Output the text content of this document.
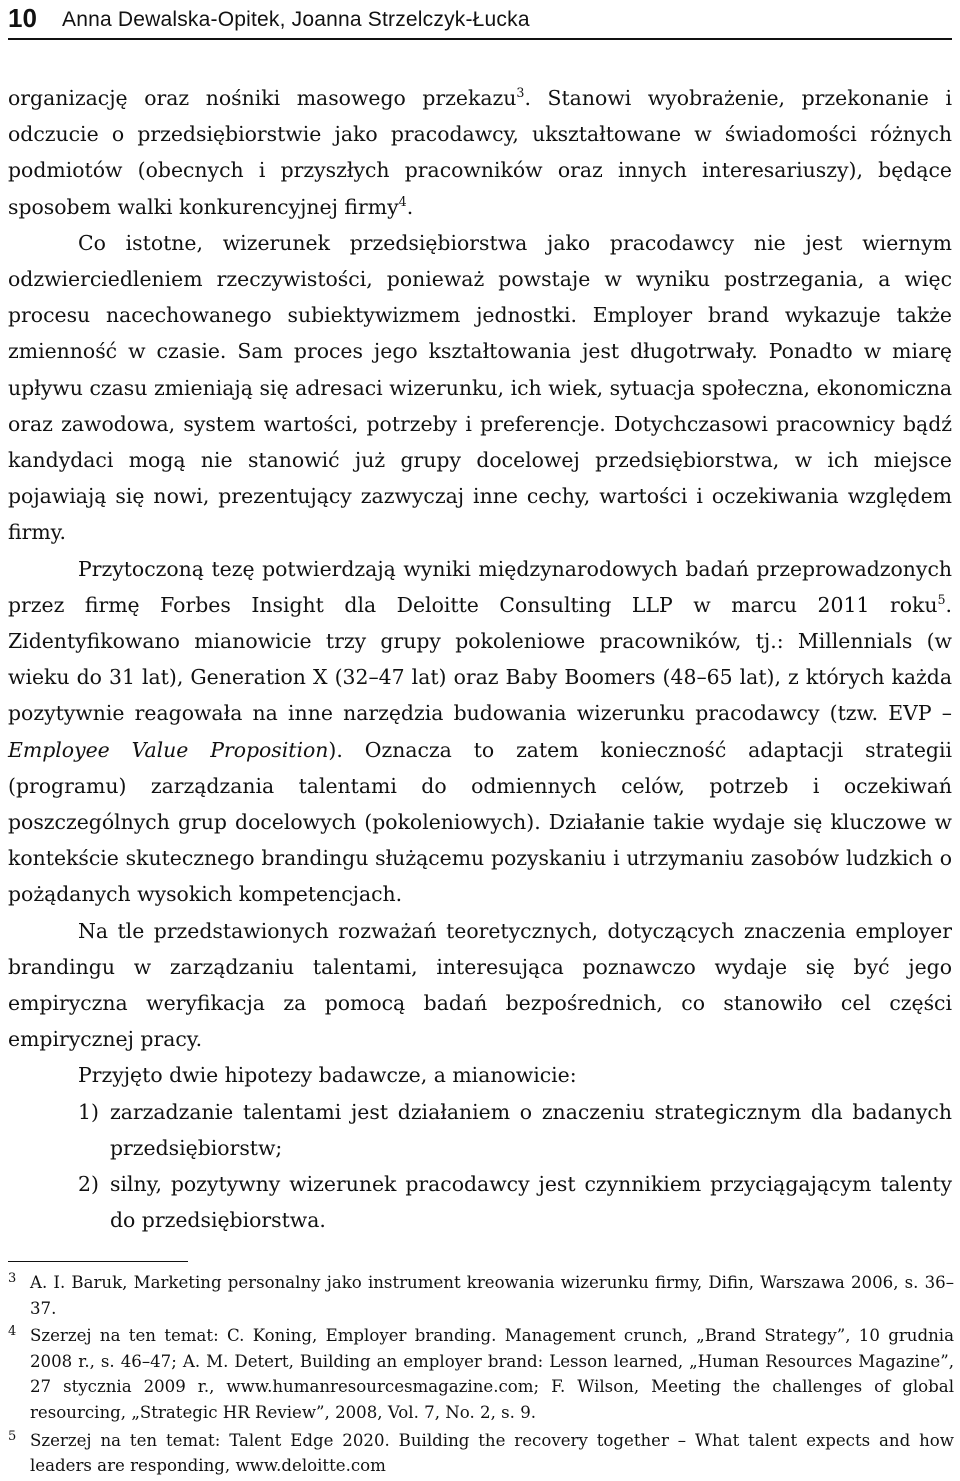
10 Anna Dewalska-Opitek, Joanna Strzelczyk-Łucka

organizację oraz nośniki masowego przekazu$^3$. Stanowi wyobrażenie, przekonanie i odczucie o przedsiębiorstwie jako pracodawcy, ukształtowane w świadomości różnych podmiotów (obecnych i przyszłych pracowników oraz innych interesariuszy), będące sposobem walki konkurencyjnej firmy$^4$.

Co istotne, wizerunek przedsiębiorstwa jako pracodawcy nie jest wiernym odzwierciedleniem rzeczywistości, ponieważ powstaje w wyniku postrzegania, a więc procesu nacechowanego subiektywizmem jednostki. Employer brand wykazuje także zmienność w czasie. Sam proces jego kształtowania jest długotrwały. Ponadto w miarę upływu czasu zmieniają się adresaci wizerunku, ich wiek, sytuacja społeczna, ekonomiczna oraz zawodowa, system wartości, potrzeby i preferencje. Dotychczasowi pracownicy bądź kandydaci mogą nie stanowić już grupy docelowej przedsiębiorstwa, w ich miejsce pojawiają się nowi, prezentujący zazwyczaj inne cechy, wartości i oczekiwania względem firmy.

Przytoczoną tezę potwierdzają wyniki międzynarodowych badań przeprowadzonych przez firmę Forbes Insight dla Deloitte Consulting LLP w marcu 2011 roku$^5$. Zidentyfikowano mianowicie trzy grupy pokoleniowe pracowników, tj.: Millennials (w wieku do 31 lat), Generation X (32–47 lat) oraz Baby Boomers (48–65 lat), z których każda pozytywnie reagowała na inne narzędzia budowania wizerunku pracodawcy (tzw. EVP – Employee Value Proposition). Oznacza to zatem konieczność adaptacji strategii (programu) zarządzania talentami do odmiennych celów, potrzeb i oczekiwań poszczególnych grup docelowych (pokoleniowych). Działanie takie wydaje się kluczowe w kontekście skutecznego brandingu służącemu pozyskaniu i utrzymaniu zasobów ludzkich o pożądanych wysokich kompetencjach.

Na tle przedstawionych rozważań teoretycznych, dotyczących znaczenia employer brandingu w zarządzaniu talentami, interesująca poznawczo wydaje się być jego empiryczna weryfikacja za pomocą badań bezpośrednich, co stanowiło cel części empirycznej pracy.

Przyjęto dwie hipotezy badawcze, a mianowicie:

1) zarzadzanie talentami jest działaniem o znaczeniu strategicznym dla badanych przedsiębiorstw;
2) silny, pozytywny wizerunek pracodawcy jest czynnikiem przyciągającym talenty do przedsiębiorstwa.
3 A. I. Baruk, Marketing personalny jako instrument kreowania wizerunku firmy, Difin, Warszawa 2006, s. 36–37.
4 Szerzej na ten temat: C. Koning, Employer branding. Management crunch, „Brand Strategy”, 10 grudnia 2008 r., s. 46–47; A. M. Detert, Building an employer brand: Lesson learned, „Human Resources Magazine”, 27 stycznia 2009 r., www.humanresourcesmagazine.com; F. Wilson, Meeting the challenges of global resourcing, „Strategic HR Review”, 2008, Vol. 7, No. 2, s. 9.
5 Szerzej na ten temat: Talent Edge 2020. Building the recovery together – What talent expects and how leaders are responding, www.deloitte.com
